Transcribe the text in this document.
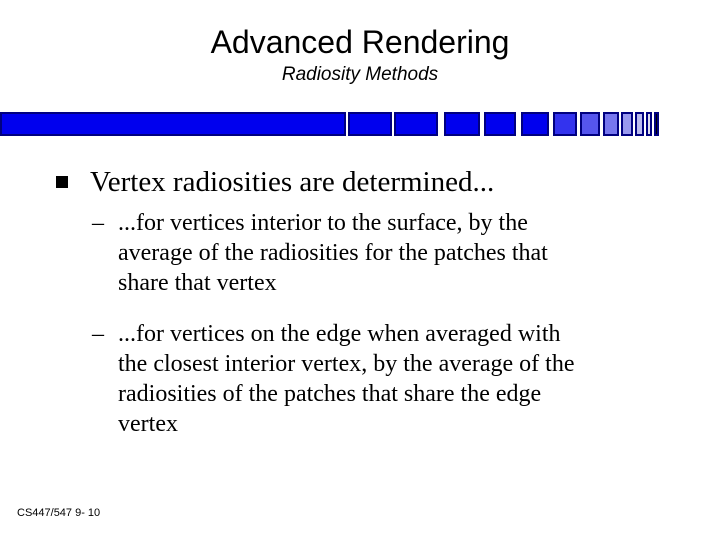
Advanced Rendering
Radiosity Methods
Vertex radiosities are determined...
– ...for vertices interior to the surface, by the
average of the radiosities for the patches that
share that vertex
– ...for vertices on the edge when averaged with
the closest interior vertex, by the average of the
radiosities of the patches that share the edge
vertex
CS447/547 9- 10
